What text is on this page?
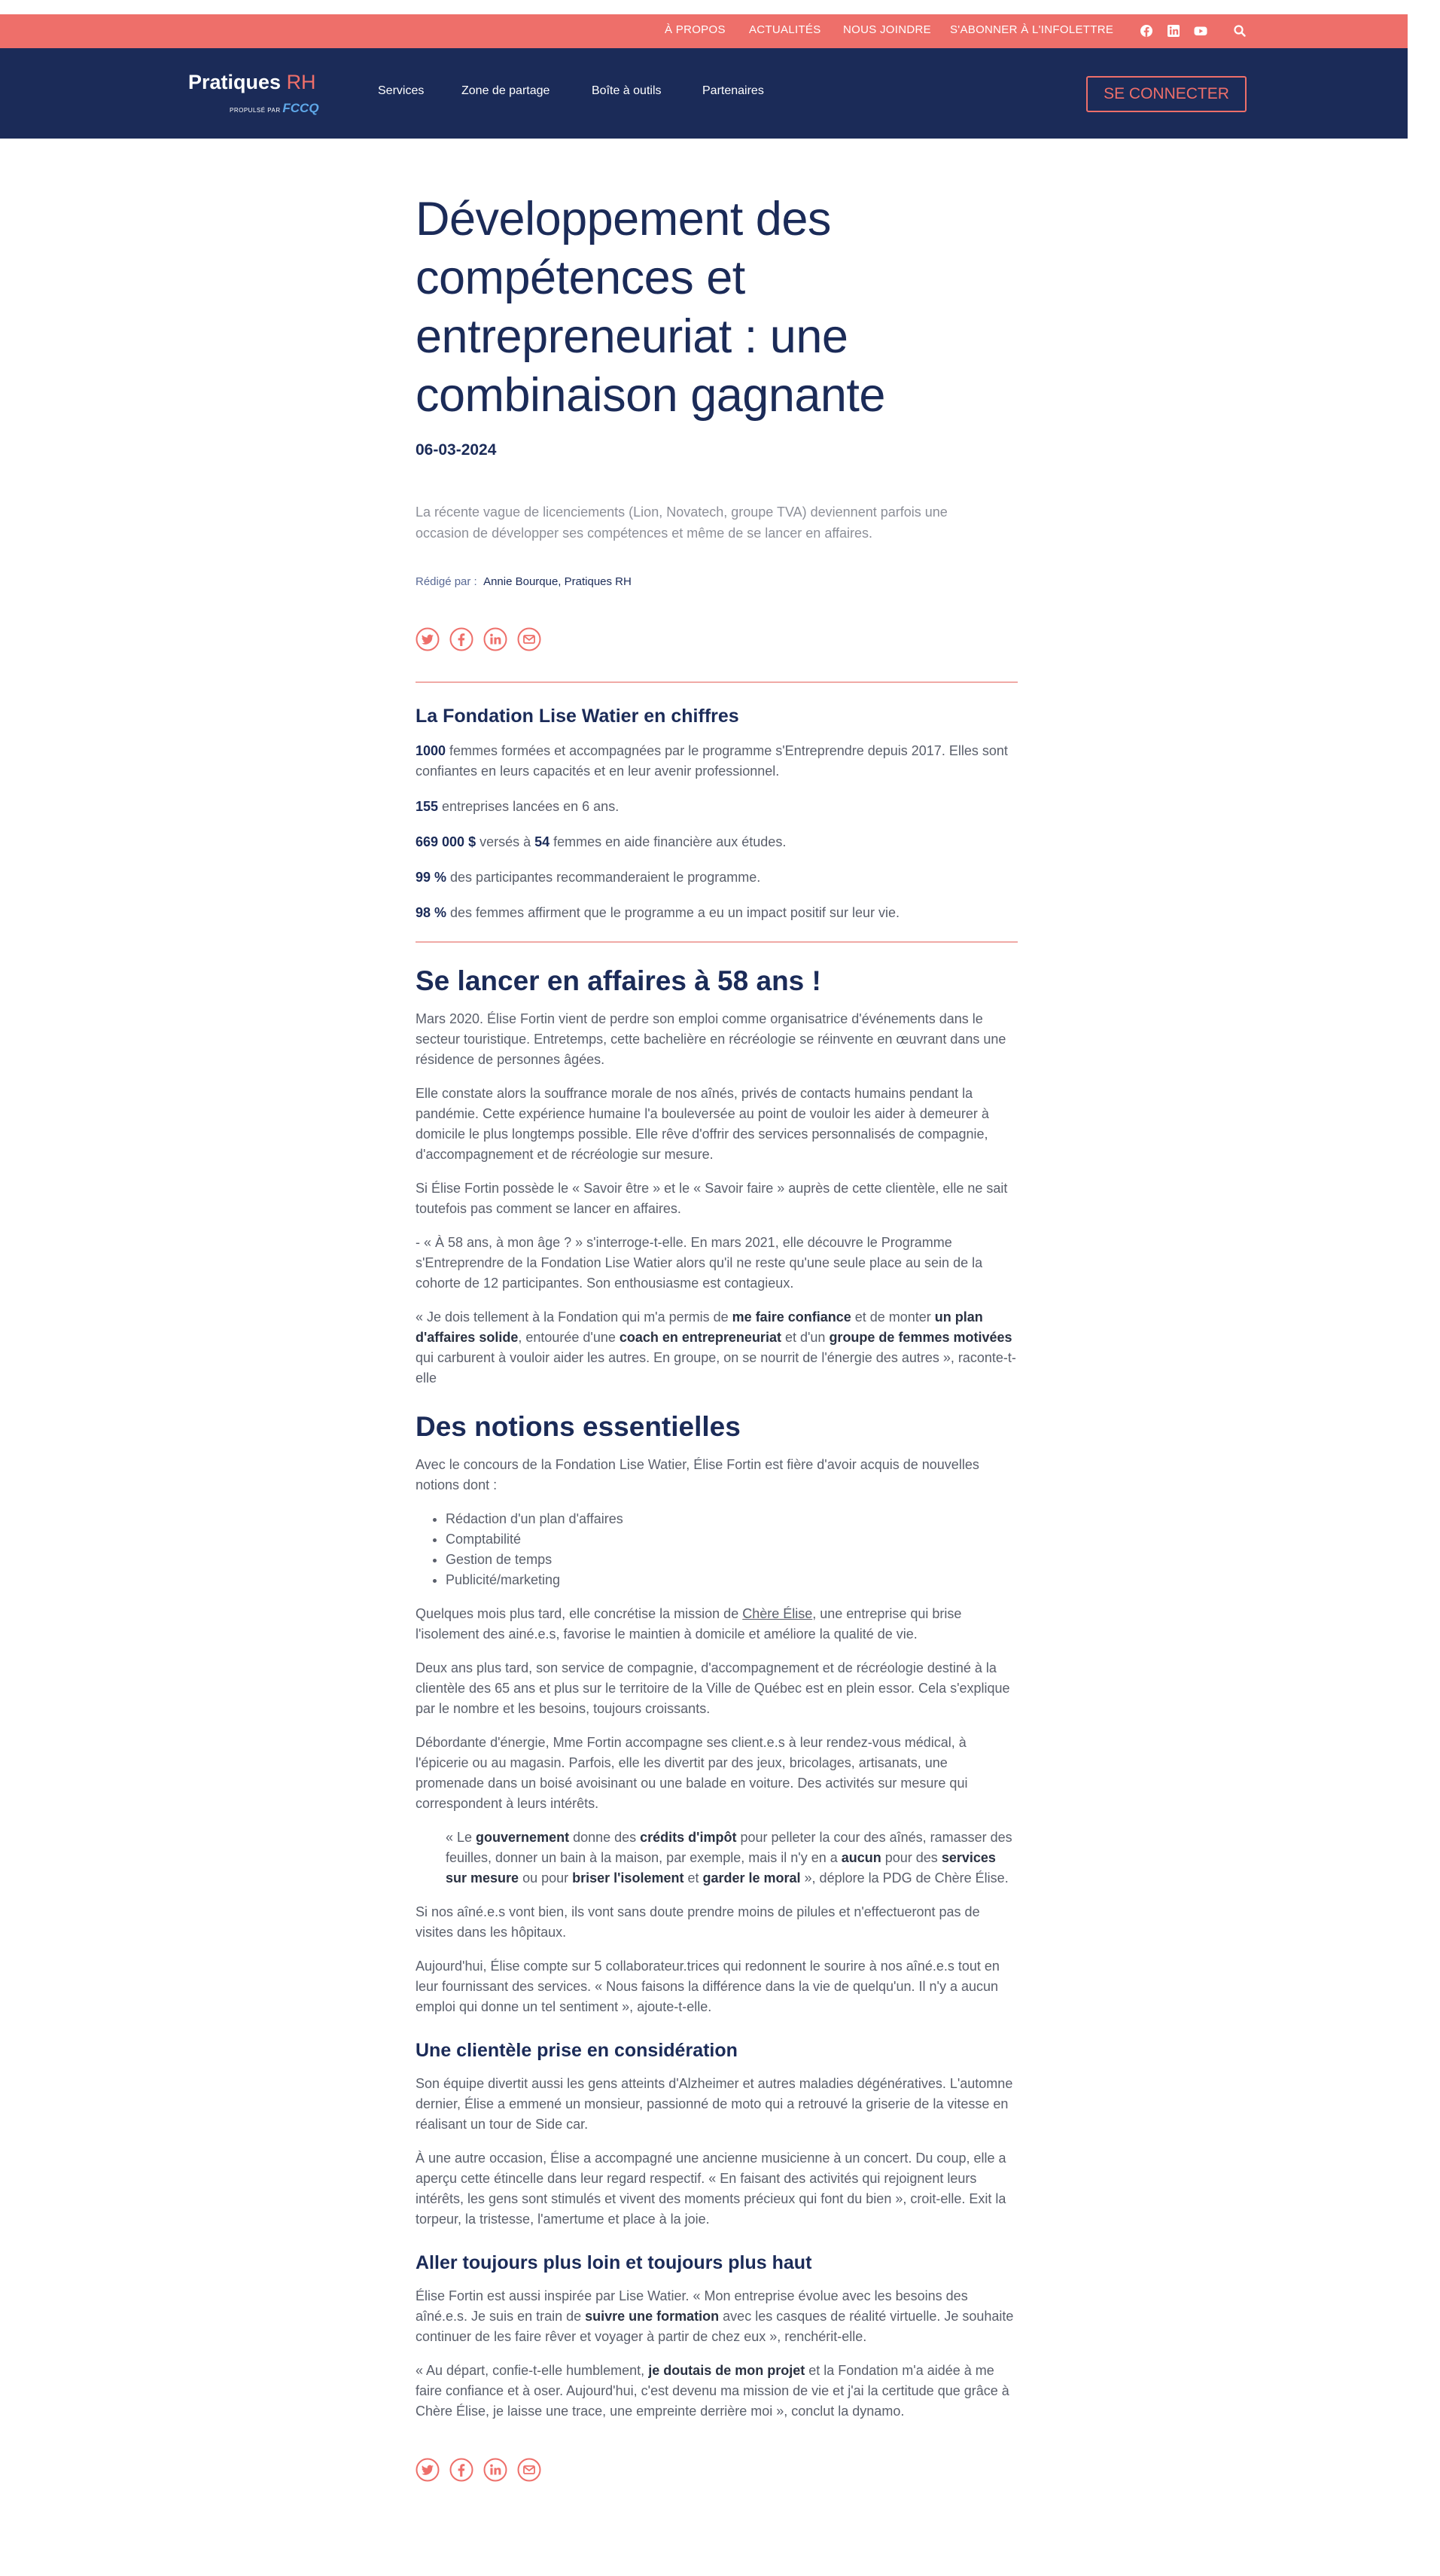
À PROPOS ACTUALITÉS NOUS JOINDRE S'ABONNER À L'INFOLETTRE
Pratiques RH
PROPULSÉ PAR FCCQ
Services	Zone de partage	Boîte à outils	Partenaires	SE CONNECTER
Développement des compétences et entrepreneuriat : une combinaison gagnante
06-03-2024

La récente vague de licenciements (Lion, Novatech, groupe TVA) deviennent parfois une occasion de développer ses compétences et même de se lancer en affaires.

Rédigé par : Annie Bourque, Pratiques RH
La Fondation Lise Watier en chiffres

1000 femmes formées et accompagnées par le programme s'Entreprendre depuis 2017. Elles sont confiantes en leurs capacités et en leur avenir professionnel.

155 entreprises lancées en 6 ans.

669 000 $ versés à 54 femmes en aide financière aux études.

99 % des participantes recommanderaient le programme.

98 % des femmes affirment que le programme a eu un impact positif sur leur vie.

Se lancer en affaires à 58 ans !

Mars 2020. Élise Fortin vient de perdre son emploi comme organisatrice d'événements dans le secteur touristique. Entretemps, cette bachelière en récréologie se réinvente en œuvrant dans une résidence de personnes âgées.

Elle constate alors la souffrance morale de nos aînés, privés de contacts humains pendant la pandémie. Cette expérience humaine l'a bouleversée au point de vouloir les aider à demeurer à domicile le plus longtemps possible. Elle rêve d'offrir des services personnalisés de compagnie, d'accompagnement et de récréologie sur mesure.

Si Élise Fortin possède le « Savoir être » et le « Savoir faire » auprès de cette clientèle, elle ne sait toutefois pas comment se lancer en affaires.

- « À 58 ans, à mon âge ? » s'interroge-t-elle. En mars 2021, elle découvre le Programme s'Entreprendre de la Fondation Lise Watier alors qu'il ne reste qu'une seule place au sein de la cohorte de 12 participantes. Son enthousiasme est contagieux.

« Je dois tellement à la Fondation qui m'a permis de me faire confiance et de monter un plan d'affaires solide, entourée d'une coach en entrepreneuriat et d'un groupe de femmes motivées qui carburent à vouloir aider les autres. En groupe, on se nourrit de l'énergie des autres », raconte-t-elle

Des notions essentielles

Avec le concours de la Fondation Lise Watier, Élise Fortin est fière d'avoir acquis de nouvelles notions dont :

• Rédaction d'un plan d'affaires
• Comptabilité
• Gestion de temps
• Publicité/marketing

Quelques mois plus tard, elle concrétise la mission de Chère Élise, une entreprise qui brise l'isolement des ainé.e.s, favorise le maintien à domicile et améliore la qualité de vie.

Deux ans plus tard, son service de compagnie, d'accompagnement et de récréologie destiné à la clientèle des 65 ans et plus sur le territoire de la Ville de Québec est en plein essor. Cela s'explique par le nombre et les besoins, toujours croissants.

Débordante d'énergie, Mme Fortin accompagne ses client.e.s à leur rendez-vous médical, à l'épicerie ou au magasin. Parfois, elle les divertit par des jeux, bricolages, artisanats, une promenade dans un boisé avoisinant ou une balade en voiture. Des activités sur mesure qui correspondent à leurs intérêts.

« Le gouvernement donne des crédits d'impôt pour pelleter la cour des aînés, ramasser des feuilles, donner un bain à la maison, par exemple, mais il n'y en a aucun pour des services sur mesure ou pour briser l'isolement et garder le moral », déplore la PDG de Chère Élise.

Si nos aîné.e.s vont bien, ils vont sans doute prendre moins de pilules et n'effectueront pas de visites dans les hôpitaux.

Aujourd'hui, Élise compte sur 5 collaborateur.trices qui redonnent le sourire à nos aîné.e.s tout en leur fournissant des services. « Nous faisons la différence dans la vie de quelqu'un. Il n'y a aucun emploi qui donne un tel sentiment », ajoute-t-elle.

Une clientèle prise en considération

Son équipe divertit aussi les gens atteints d'Alzheimer et autres maladies dégénératives. L'automne dernier, Élise a emmené un monsieur, passionné de moto qui a retrouvé la griserie de la vitesse en réalisant un tour de Side car.

À une autre occasion, Élise a accompagné une ancienne musicienne à un concert. Du coup, elle a aperçu cette étincelle dans leur regard respectif. « En faisant des activités qui rejoignent leurs intérêts, les gens sont stimulés et vivent des moments précieux qui font du bien », croit-elle. Exit la torpeur, la tristesse, l'amertume et place à la joie.

Aller toujours plus loin et toujours plus haut

Élise Fortin est aussi inspirée par Lise Watier. « Mon entreprise évolue avec les besoins des aîné.e.s. Je suis en train de suivre une formation avec les casques de réalité virtuelle. Je souhaite continuer de les faire rêver et voyager à partir de chez eux », renchérit-elle.

« Au départ, confie-t-elle humblement, je doutais de mon projet et la Fondation m'a aidée à me faire confiance et à oser. Aujourd'hui, c'est devenu ma mission de vie et j'ai la certitude que grâce à Chère Élise, je laisse une trace, une empreinte derrière moi », conclut la dynamo.
